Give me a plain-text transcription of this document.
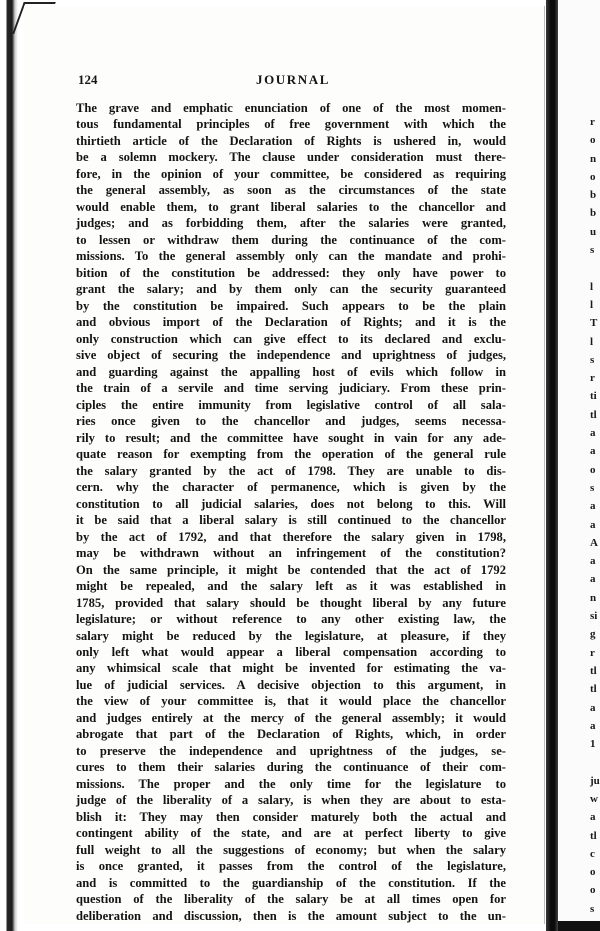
124	JOURNAL
The grave and emphatic enunciation of one of the most momen-
tous fundamental principles of free government with which the
thirtieth article of the Declaration of Rights is ushered in, would
be a solemn mockery. The clause under consideration must there-
fore, in the opinion of your committee, be considered as requiring
the general assembly, as soon as the circumstances of the state
would enable them, to grant liberal salaries to the chancellor and
judges; and as forbidding them, after the salaries were granted,
to lessen or withdraw them during the continuance of the com-
missions. To the general assembly only can the mandate and prohi-
bition of the constitution be addressed: they only have power to
grant the salary; and by them only can the security guaranteed
by the constitution be impaired. Such appears to be the plain
and obvious import of the Declaration of Rights; and it is the
only construction which can give effect to its declared and exclu-
sive object of securing the independence and uprightness of judges,
and guarding against the appalling host of evils which follow in
the train of a servile and time serving judiciary. From these prin-
ciples the entire immunity from legislative control of all sala-
ries once given to the chancellor and judges, seems necessa-
rily to result; and the committee have sought in vain for any ade-
quate reason for exempting from the operation of the general rule
the salary granted by the act of 1798. They are unable to dis-
cern. why the character of permanence, which is given by the
constitution to all judicial salaries, does not belong to this. Will
it be said that a liberal salary is still continued to the chancellor
by the act of 1792, and that therefore the salary given in 1798,
may be withdrawn without an infringement of the constitution?
On the same principle, it might be contended that the act of 1792
might be repealed, and the salary left as it was established in
1785, provided that salary should be thought liberal by any future
legislature; or without reference to any other existing law, the
salary might be reduced by the legislature, at pleasure, if they
only left what would appear a liberal compensation according to
any whimsical scale that might be invented for estimating the va-
lue of judicial services. A decisive objection to this argument, in
the view of your committee is, that it would place the chancellor
and judges entirely at the mercy of the general assembly; it would
abrogate that part of the Declaration of Rights, which, in order
to preserve the independence and uprightness of the judges, se-
cures to them their salaries during the continuance of their com-
missions. The proper and the only time for the legislature to
judge of the liberality of a salary, is when they are about to esta-
blish it: They may then consider maturely both the actual and
contingent ability of the state, and are at perfect liberty to give
full weight to all the suggestions of economy; but when the salary
is once granted, it passes from the control of the legislature,
and is committed to the guardianship of the constitution. If the
question of the liberality of the salary be at all times open for
deliberation and discussion, then is the amount subject to the un-
r
o
n
o
b
b
u
s
l
l
T
l
s
r
ti
tl
a
a
o
s
a
a
A
a
a
n
si
g
r
tl
tl
a
a
1
ju
w
a
tl
c
o
o
s
